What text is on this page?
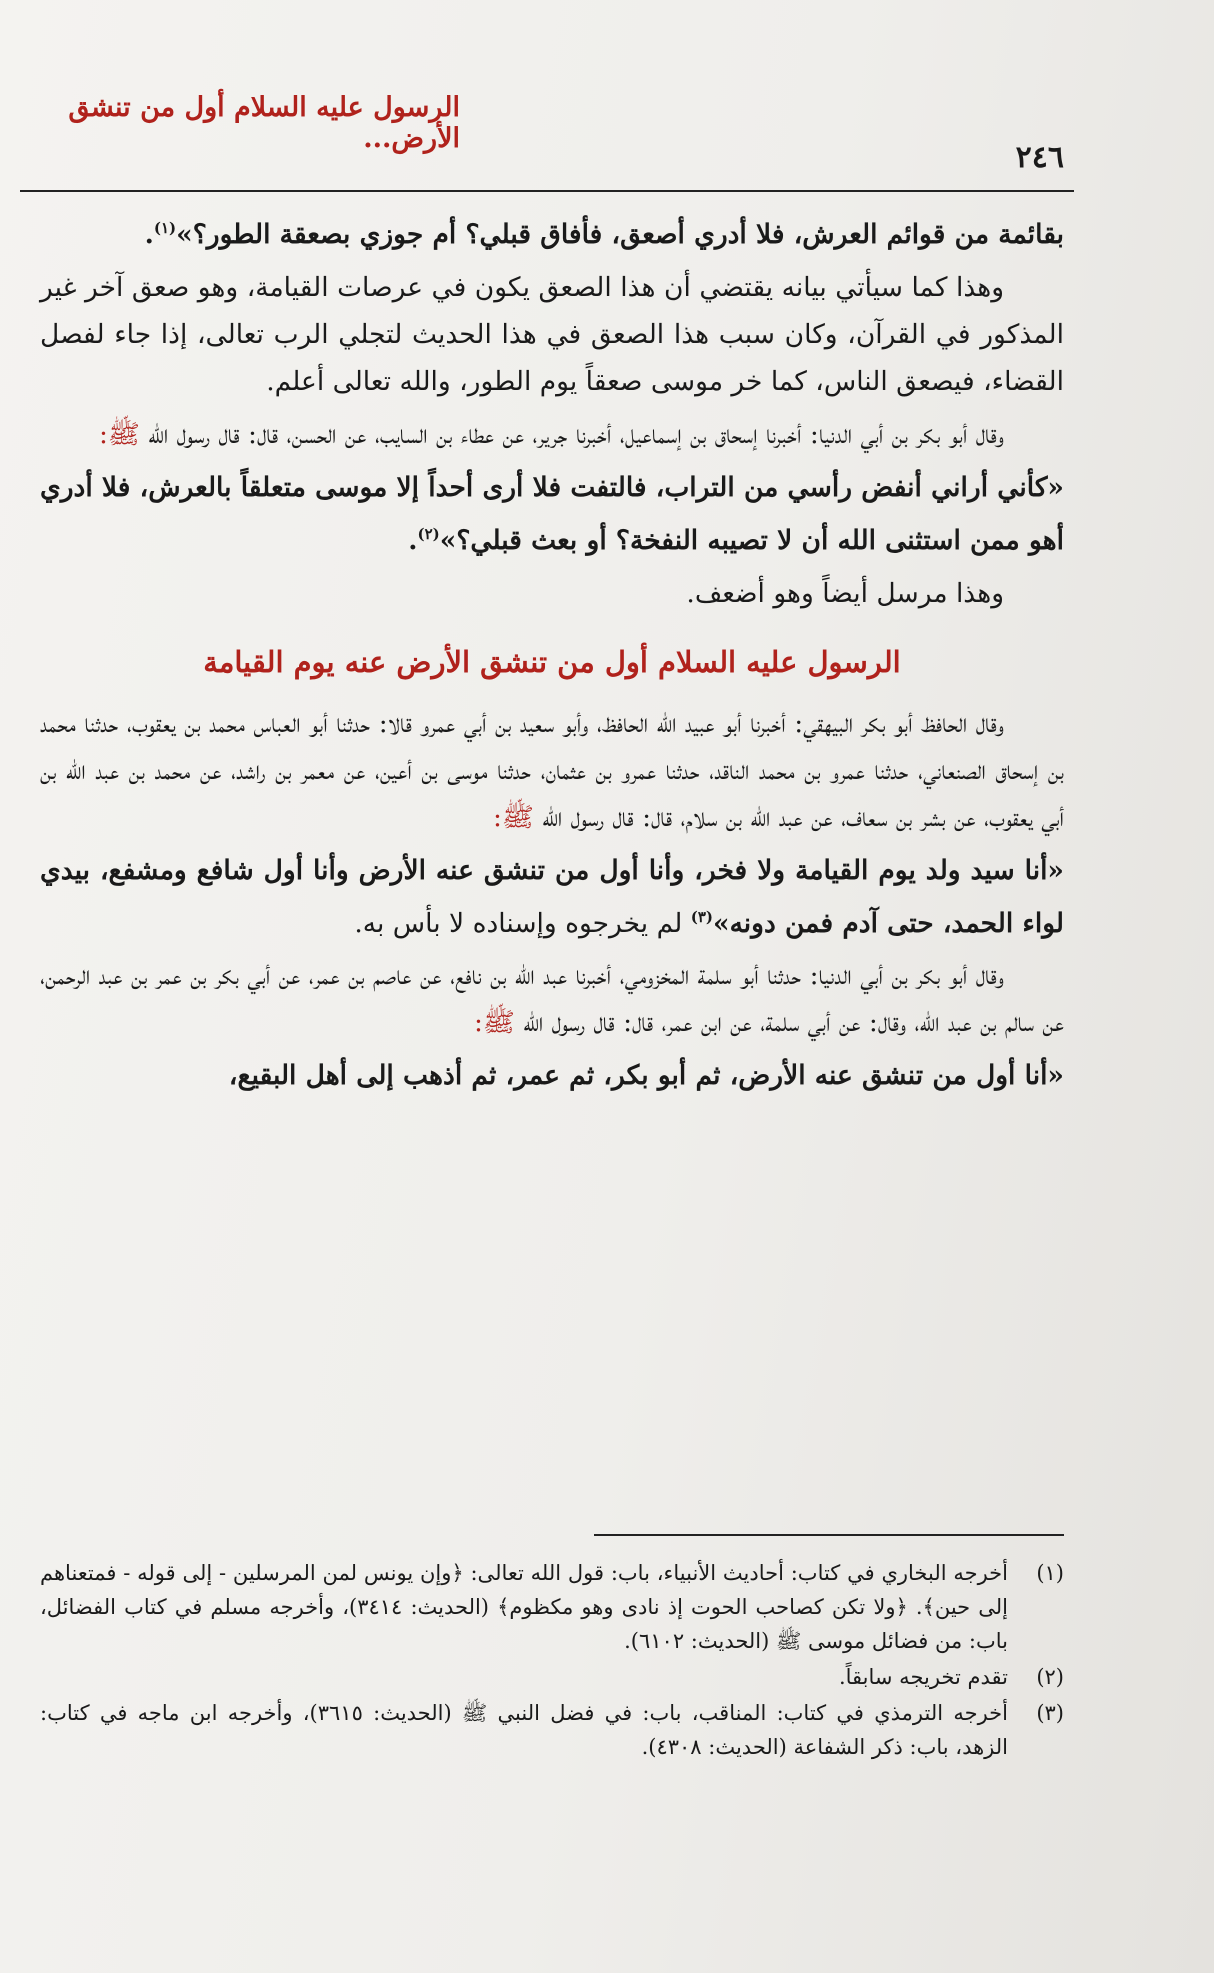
الرسول عليه السلام أول من تنشق الأرض...
٢٤٦

بقائمة من قوائم العرش، فلا أدري أصعق، فأفاق قبلي؟ أم جوزي بصعقة الطور؟»$^{(١)}$.

وهذا كما سيأتي بيانه يقتضي أن هذا الصعق يكون في عرصات القيامة، وهو صعق آخر غير المذكور في القرآن، وكان سبب هذا الصعق في هذا الحديث لتجلي الرب تعالى، إذا جاء لفصل القضاء، فيصعق الناس، كما خر موسى صعقاً يوم الطور، والله تعالى أعلم.

وقال أبو بكر بن أبي الدنيا: أخبرنا إسحاق بن إسماعيل، أخبرنا جرير، عن عطاء بن السايب، عن الحسن، قال: قال رسول الله ﷺ:

«كأني أراني أنفض رأسي من التراب، فالتفت فلا أرى أحداً إلا موسى متعلقاً بالعرش، فلا أدري أهو ممن استثنى الله أن لا تصيبه النفخة؟ أو بعث قبلي؟»$^{(٢)}$.

وهذا مرسل أيضاً وهو أضعف.

الرسول عليه السلام أول من تنشق الأرض عنه يوم القيامة

وقال الحافظ أبو بكر البيهقي: أخبرنا أبو عبيد الله الحافظ، وأبو سعيد بن أبي عمرو قالا: حدثنا أبو العباس محمد بن يعقوب، حدثنا محمد بن إسحاق الصنعاني، حدثنا عمرو بن محمد الناقد، حدثنا عمرو بن عثمان، حدثنا موسى بن أعين، عن معمر بن راشد، عن محمد بن عبد الله بن أبي يعقوب، عن بشر بن سعاف، عن عبد الله بن سلام، قال: قال رسول الله ﷺ:

«أنا سيد ولد يوم القيامة ولا فخر، وأنا أول من تنشق عنه الأرض وأنا أول شافع ومشفع، بيدي لواء الحمد، حتى آدم فمن دونه»$^{(٣)}$ لم يخرجوه وإسناده لا بأس به.

وقال أبو بكر بن أبي الدنيا: حدثنا أبو سلمة المخزومي، أخبرنا عبد الله بن نافع، عن عاصم بن عمر، عن أبي بكر بن عمر بن عبد الرحمن، عن سالم بن عبد الله، وقال: عن أبي سلمة، عن ابن عمر، قال: قال رسول الله ﷺ:

«أنا أول من تنشق عنه الأرض، ثم أبو بكر، ثم عمر، ثم أذهب إلى أهل البقيع،

(١)
أخرجه البخاري في كتاب: أحاديث الأنبياء، باب: قول الله تعالى: ﴿وإن يونس لمن المرسلين - إلى قوله - فمتعناهم إلى حين﴾. ﴿ولا تكن كصاحب الحوت إذ نادى وهو مكظوم﴾ (الحديث: ٣٤١٤)، وأخرجه مسلم في كتاب الفضائل، باب: من فضائل موسى ﷺ (الحديث: ٦١٠٢).
(٢)
تقدم تخريجه سابقاً.
(٣)
أخرجه الترمذي في كتاب: المناقب، باب: في فضل النبي ﷺ (الحديث: ٣٦١٥)، وأخرجه ابن ماجه في كتاب: الزهد، باب: ذكر الشفاعة (الحديث: ٤٣٠٨).
